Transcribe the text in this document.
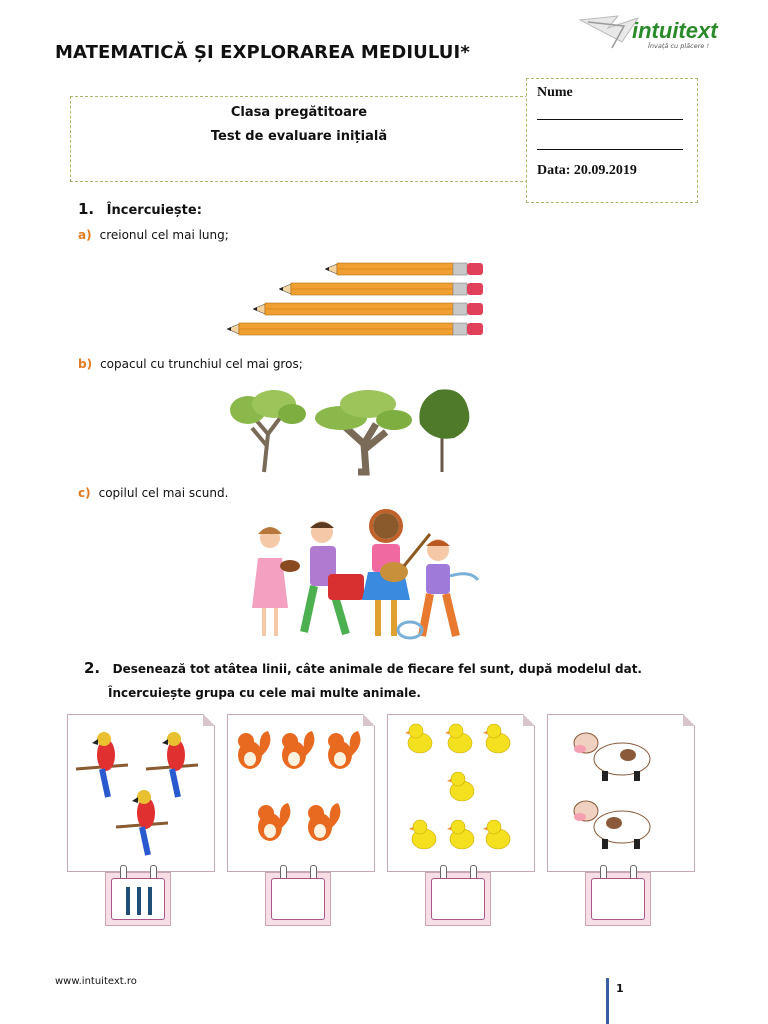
MATEMATICĂ ȘI EXPLORAREA MEDIULUI*
intuitext
Învață cu plăcere !
Clasa pregătitoare
Test de evaluare inițială
Nume
Data: 20.09.2019
1. Încercuiește:
a) creionul cel mai lung;
b) copacul cu trunchiul cel mai gros;
c) copilul cel mai scund.
2. Desenează tot atâtea linii, câte animale de fiecare fel sunt, după modelul dat.
Încercuiește grupa cu cele mai multe animale.
www.intuitext.ro
1
